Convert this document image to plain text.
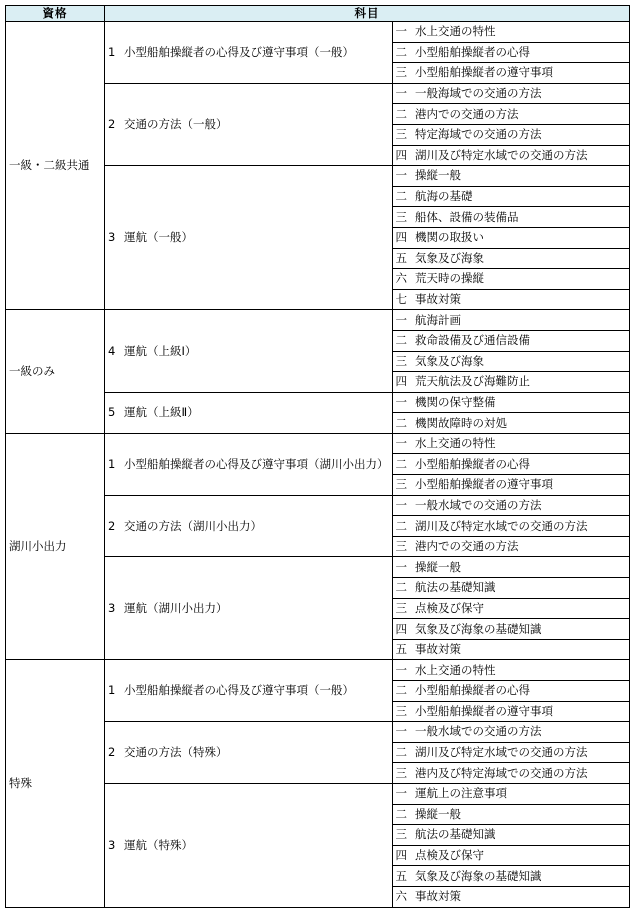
資格	科目	
一級・二級共通	1 小型船舶操縦者の心得及び遵守事項（一般）	一 水上交通の特性
		二 小型船舶操縦者の心得
		三 小型船舶操縦者の遵守事項
	2 交通の方法（一般）	一 一般海域での交通の方法
		二 港内での交通の方法
		三 特定海域での交通の方法
		四 湖川及び特定水域での交通の方法
	3 運航（一般）	一 操縦一般
		二 航海の基礎
		三 船体、設備の装備品
		四 機関の取扱い
		五 気象及び海象
		六 荒天時の操縦
		七 事故対策
一級のみ	4 運航（上級Ⅰ）	一 航海計画
		二 救命設備及び通信設備
		三 気象及び海象
		四 荒天航法及び海難防止
	5 運航（上級Ⅱ）	一 機関の保守整備
		二 機関故障時の対処
湖川小出力	1 小型船舶操縦者の心得及び遵守事項（湖川小出力）	一 水上交通の特性
		二 小型船舶操縦者の心得
		三 小型船舶操縦者の遵守事項
	2 交通の方法（湖川小出力）	一 一般水域での交通の方法
		二 湖川及び特定水域での交通の方法
		三 港内での交通の方法
	3 運航（湖川小出力）	一 操縦一般
		二 航法の基礎知識
		三 点検及び保守
		四 気象及び海象の基礎知識
		五 事故対策
特殊	1 小型船舶操縦者の心得及び遵守事項（一般）	一 水上交通の特性
		二 小型船舶操縦者の心得
		三 小型船舶操縦者の遵守事項
	2 交通の方法（特殊）	一 一般水域での交通の方法
		二 湖川及び特定水域での交通の方法
		三 港内及び特定海域での交通の方法
	3 運航（特殊）	一 運航上の注意事項
		二 操縦一般
		三 航法の基礎知識
		四 点検及び保守
		五 気象及び海象の基礎知識
		六 事故対策
